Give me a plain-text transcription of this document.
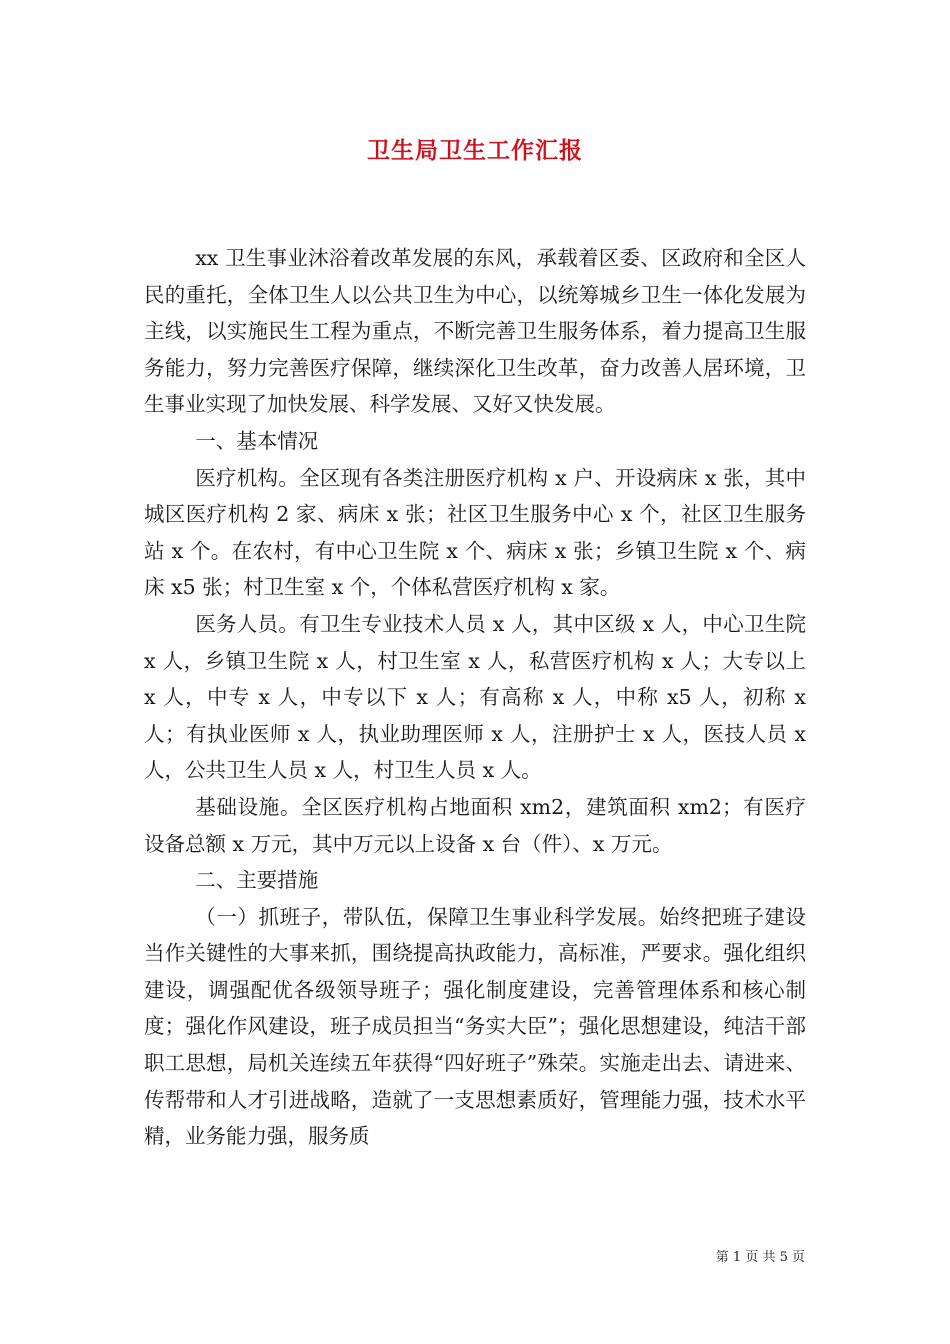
卫生局卫生工作汇报

xx 卫生事业沐浴着改革发展的东风，承载着区委、区政府和全区人民的重托，全体卫生人以公共卫生为中心，以统筹城乡卫生一体化发展为主线，以实施民生工程为重点，不断完善卫生服务体系，着力提高卫生服务能力，努力完善医疗保障，继续深化卫生改革，奋力改善人居环境，卫生事业实现了加快发展、科学发展、又好又快发展。

一、基本情况

医疗机构。全区现有各类注册医疗机构 x 户、开设病床 x 张，其中城区医疗机构 2 家、病床 x 张；社区卫生服务中心 x 个，社区卫生服务站 x 个。在农村，有中心卫生院 x 个、病床 x 张；乡镇卫生院 x 个、病床 x5 张；村卫生室 x 个，个体私营医疗机构 x 家。

医务人员。有卫生专业技术人员 x 人，其中区级 x 人，中心卫生院 x 人，乡镇卫生院 x 人，村卫生室 x 人，私营医疗机构 x 人；大专以上 x 人，中专 x 人，中专以下 x 人；有高称 x 人，中称 x5 人，初称 x 人；有执业医师 x 人，执业助理医师 x 人，注册护士 x 人，医技人员 x 人，公共卫生人员 x 人，村卫生人员 x 人。

基础设施。全区医疗机构占地面积 xm2，建筑面积 xm2；有医疗设备总额 x 万元，其中万元以上设备 x 台（件）、x 万元。

二、主要措施

（一）抓班子，带队伍，保障卫生事业科学发展。始终把班子建设当作关键性的大事来抓，围绕提高执政能力，高标准，严要求。强化组织建设，调强配优各级领导班子；强化制度建设，完善管理体系和核心制度；强化作风建设，班子成员担当“务实大臣”；强化思想建设，纯洁干部职工思想，局机关连续五年获得“四好班子”殊荣。实施走出去、请进来、传帮带和人才引进战略，造就了一支思想素质好，管理能力强，技术水平精，业务能力强，服务质

第 1 页 共 5 页
